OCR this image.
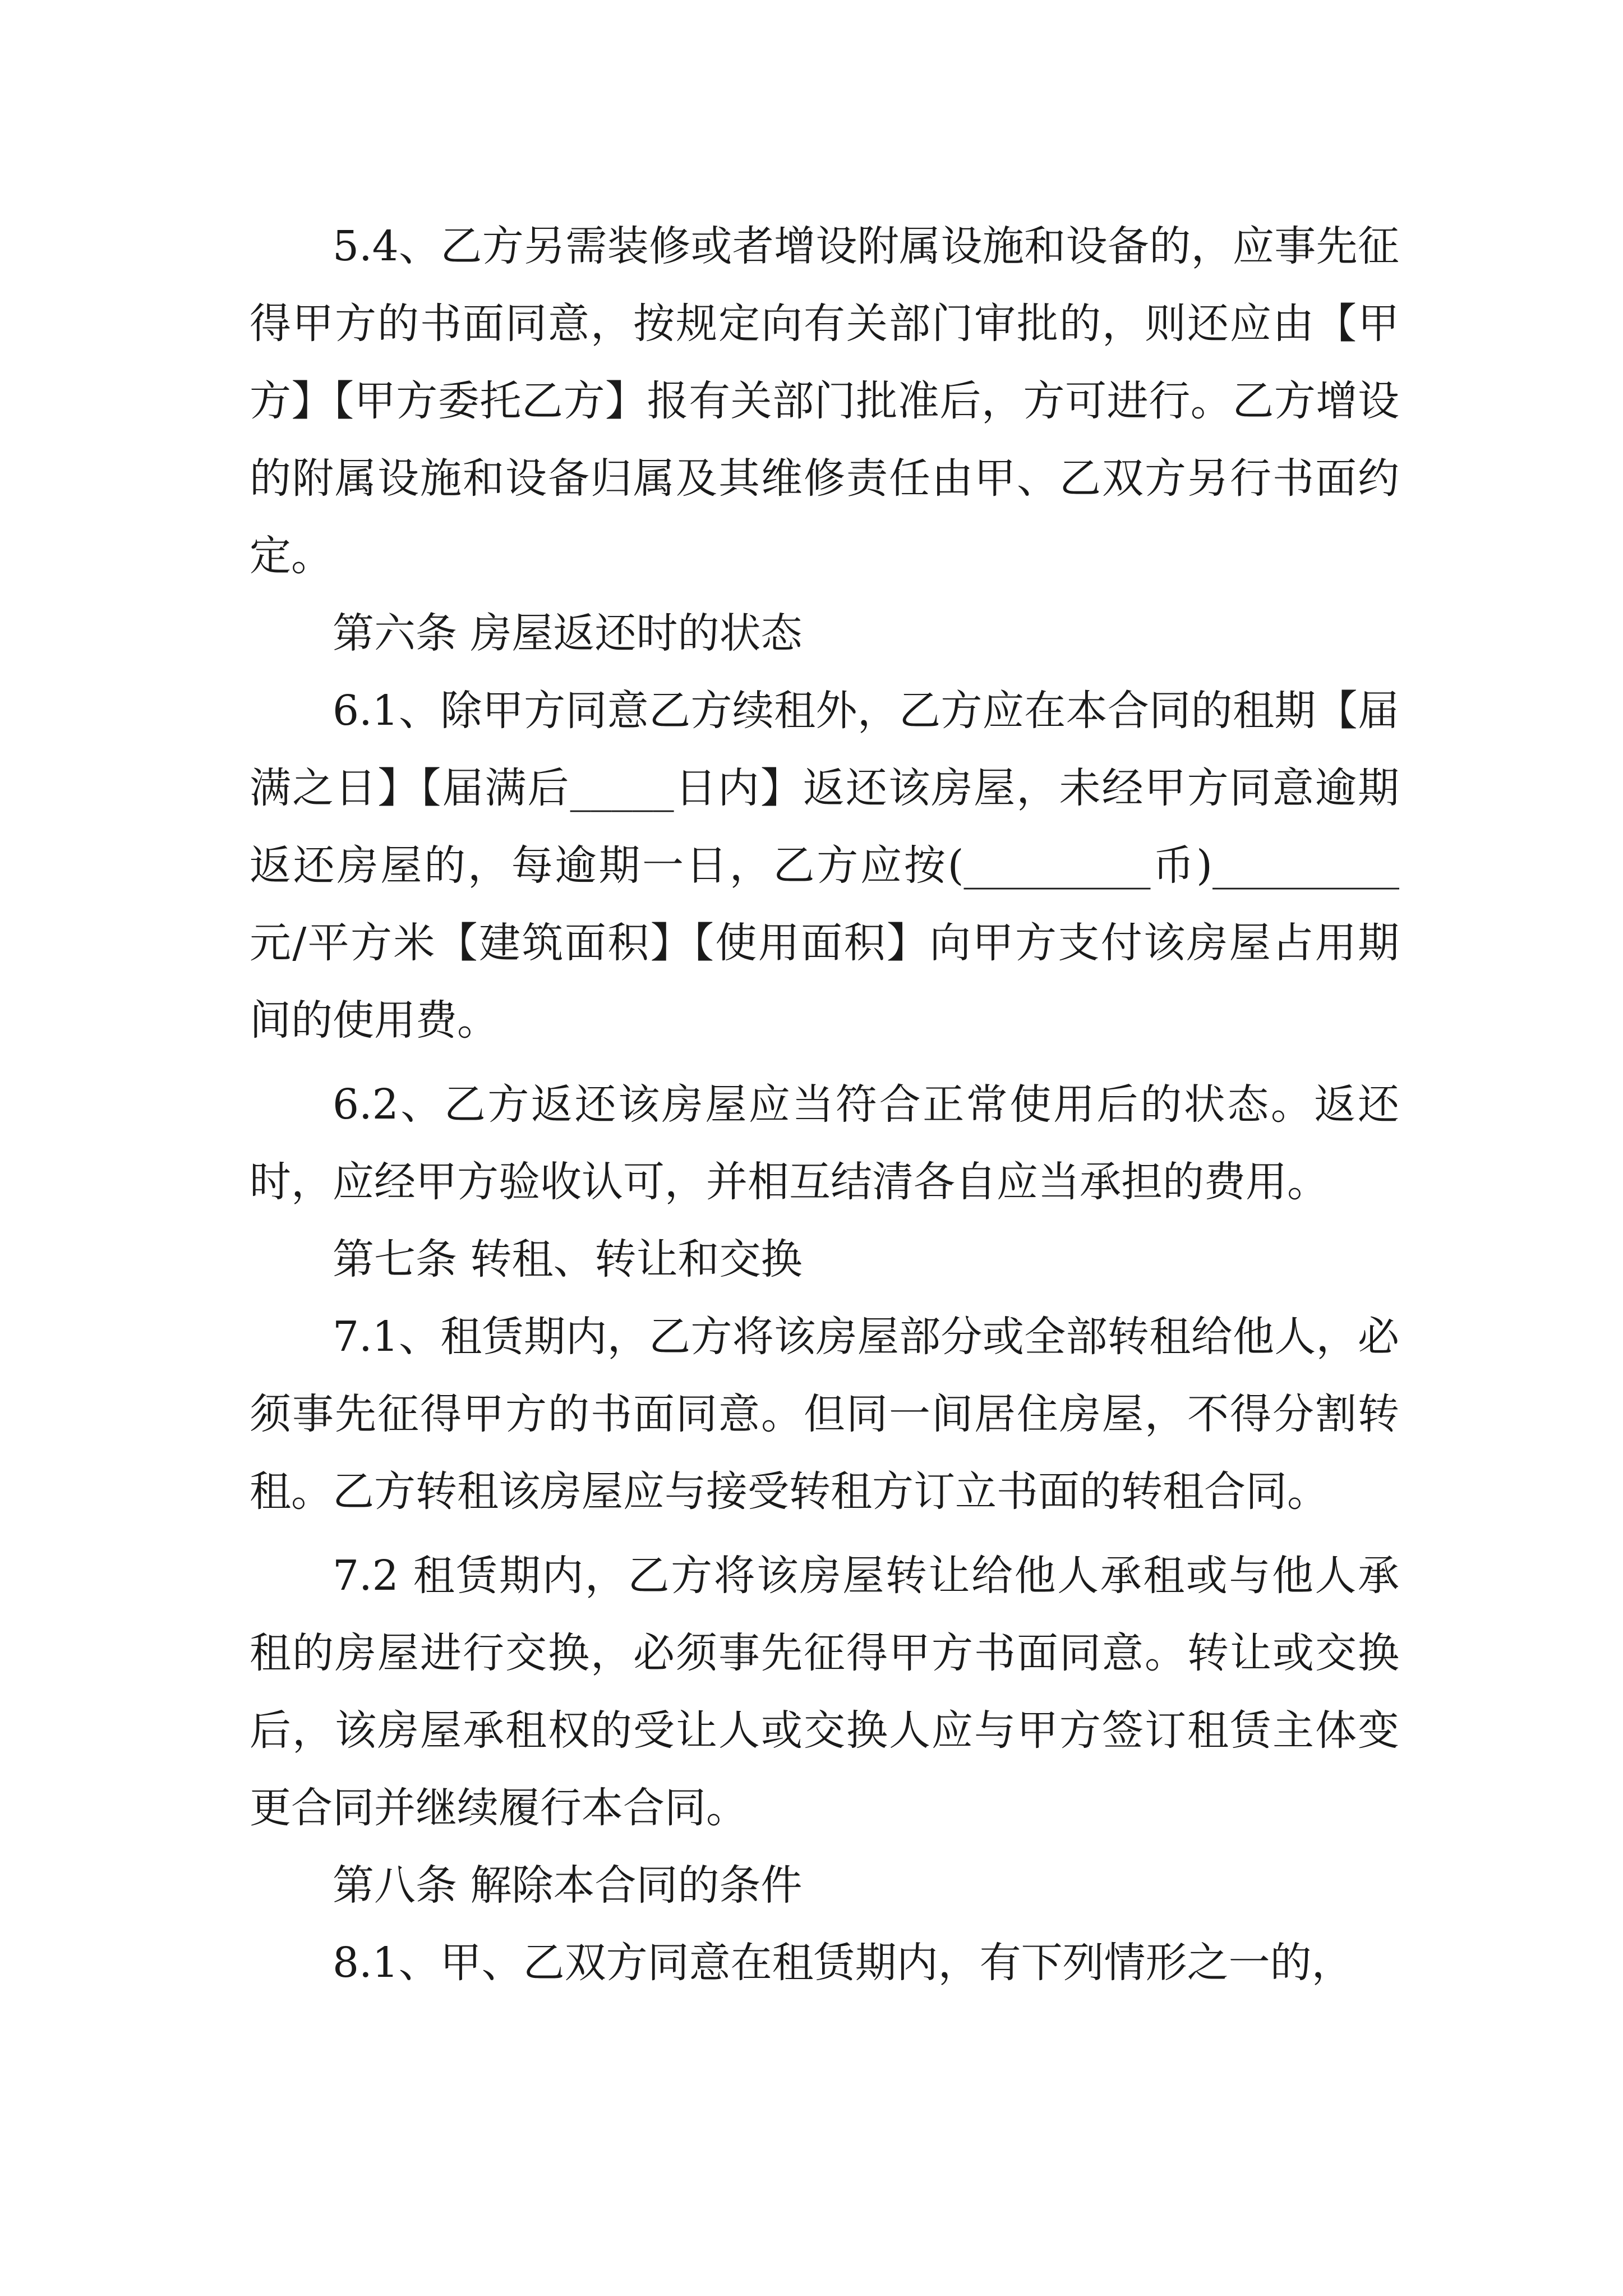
5.4、乙方另需装修或者增设附属设施和设备的，应事先征得甲方的书面同意，按规定向有关部门审批的，则还应由【甲方】【甲方委托乙方】报有关部门批准后，方可进行。乙方增设的附属设施和设备归属及其维修责任由甲、乙双方另行书面约定。

第六条 房屋返还时的状态

6.1、除甲方同意乙方续租外，乙方应在本合同的租期【届满之日】【届满后_____日内】返还该房屋，未经甲方同意逾期返还房屋的，每逾期一日，乙方应按(_________币)_________元/平方米【建筑面积】【使用面积】向甲方支付该房屋占用期间的使用费。

6.2、乙方返还该房屋应当符合正常使用后的状态。返还时，应经甲方验收认可，并相互结清各自应当承担的费用。

第七条 转租、转让和交换

7.1、租赁期内，乙方将该房屋部分或全部转租给他人，必须事先征得甲方的书面同意。但同一间居住房屋，不得分割转租。乙方转租该房屋应与接受转租方订立书面的转租合同。

7.2 租赁期内，乙方将该房屋转让给他人承租或与他人承租的房屋进行交换，必须事先征得甲方书面同意。转让或交换后，该房屋承租权的受让人或交换人应与甲方签订租赁主体变更合同并继续履行本合同。

第八条 解除本合同的条件

8.1、甲、乙双方同意在租赁期内，有下列情形之一的，
